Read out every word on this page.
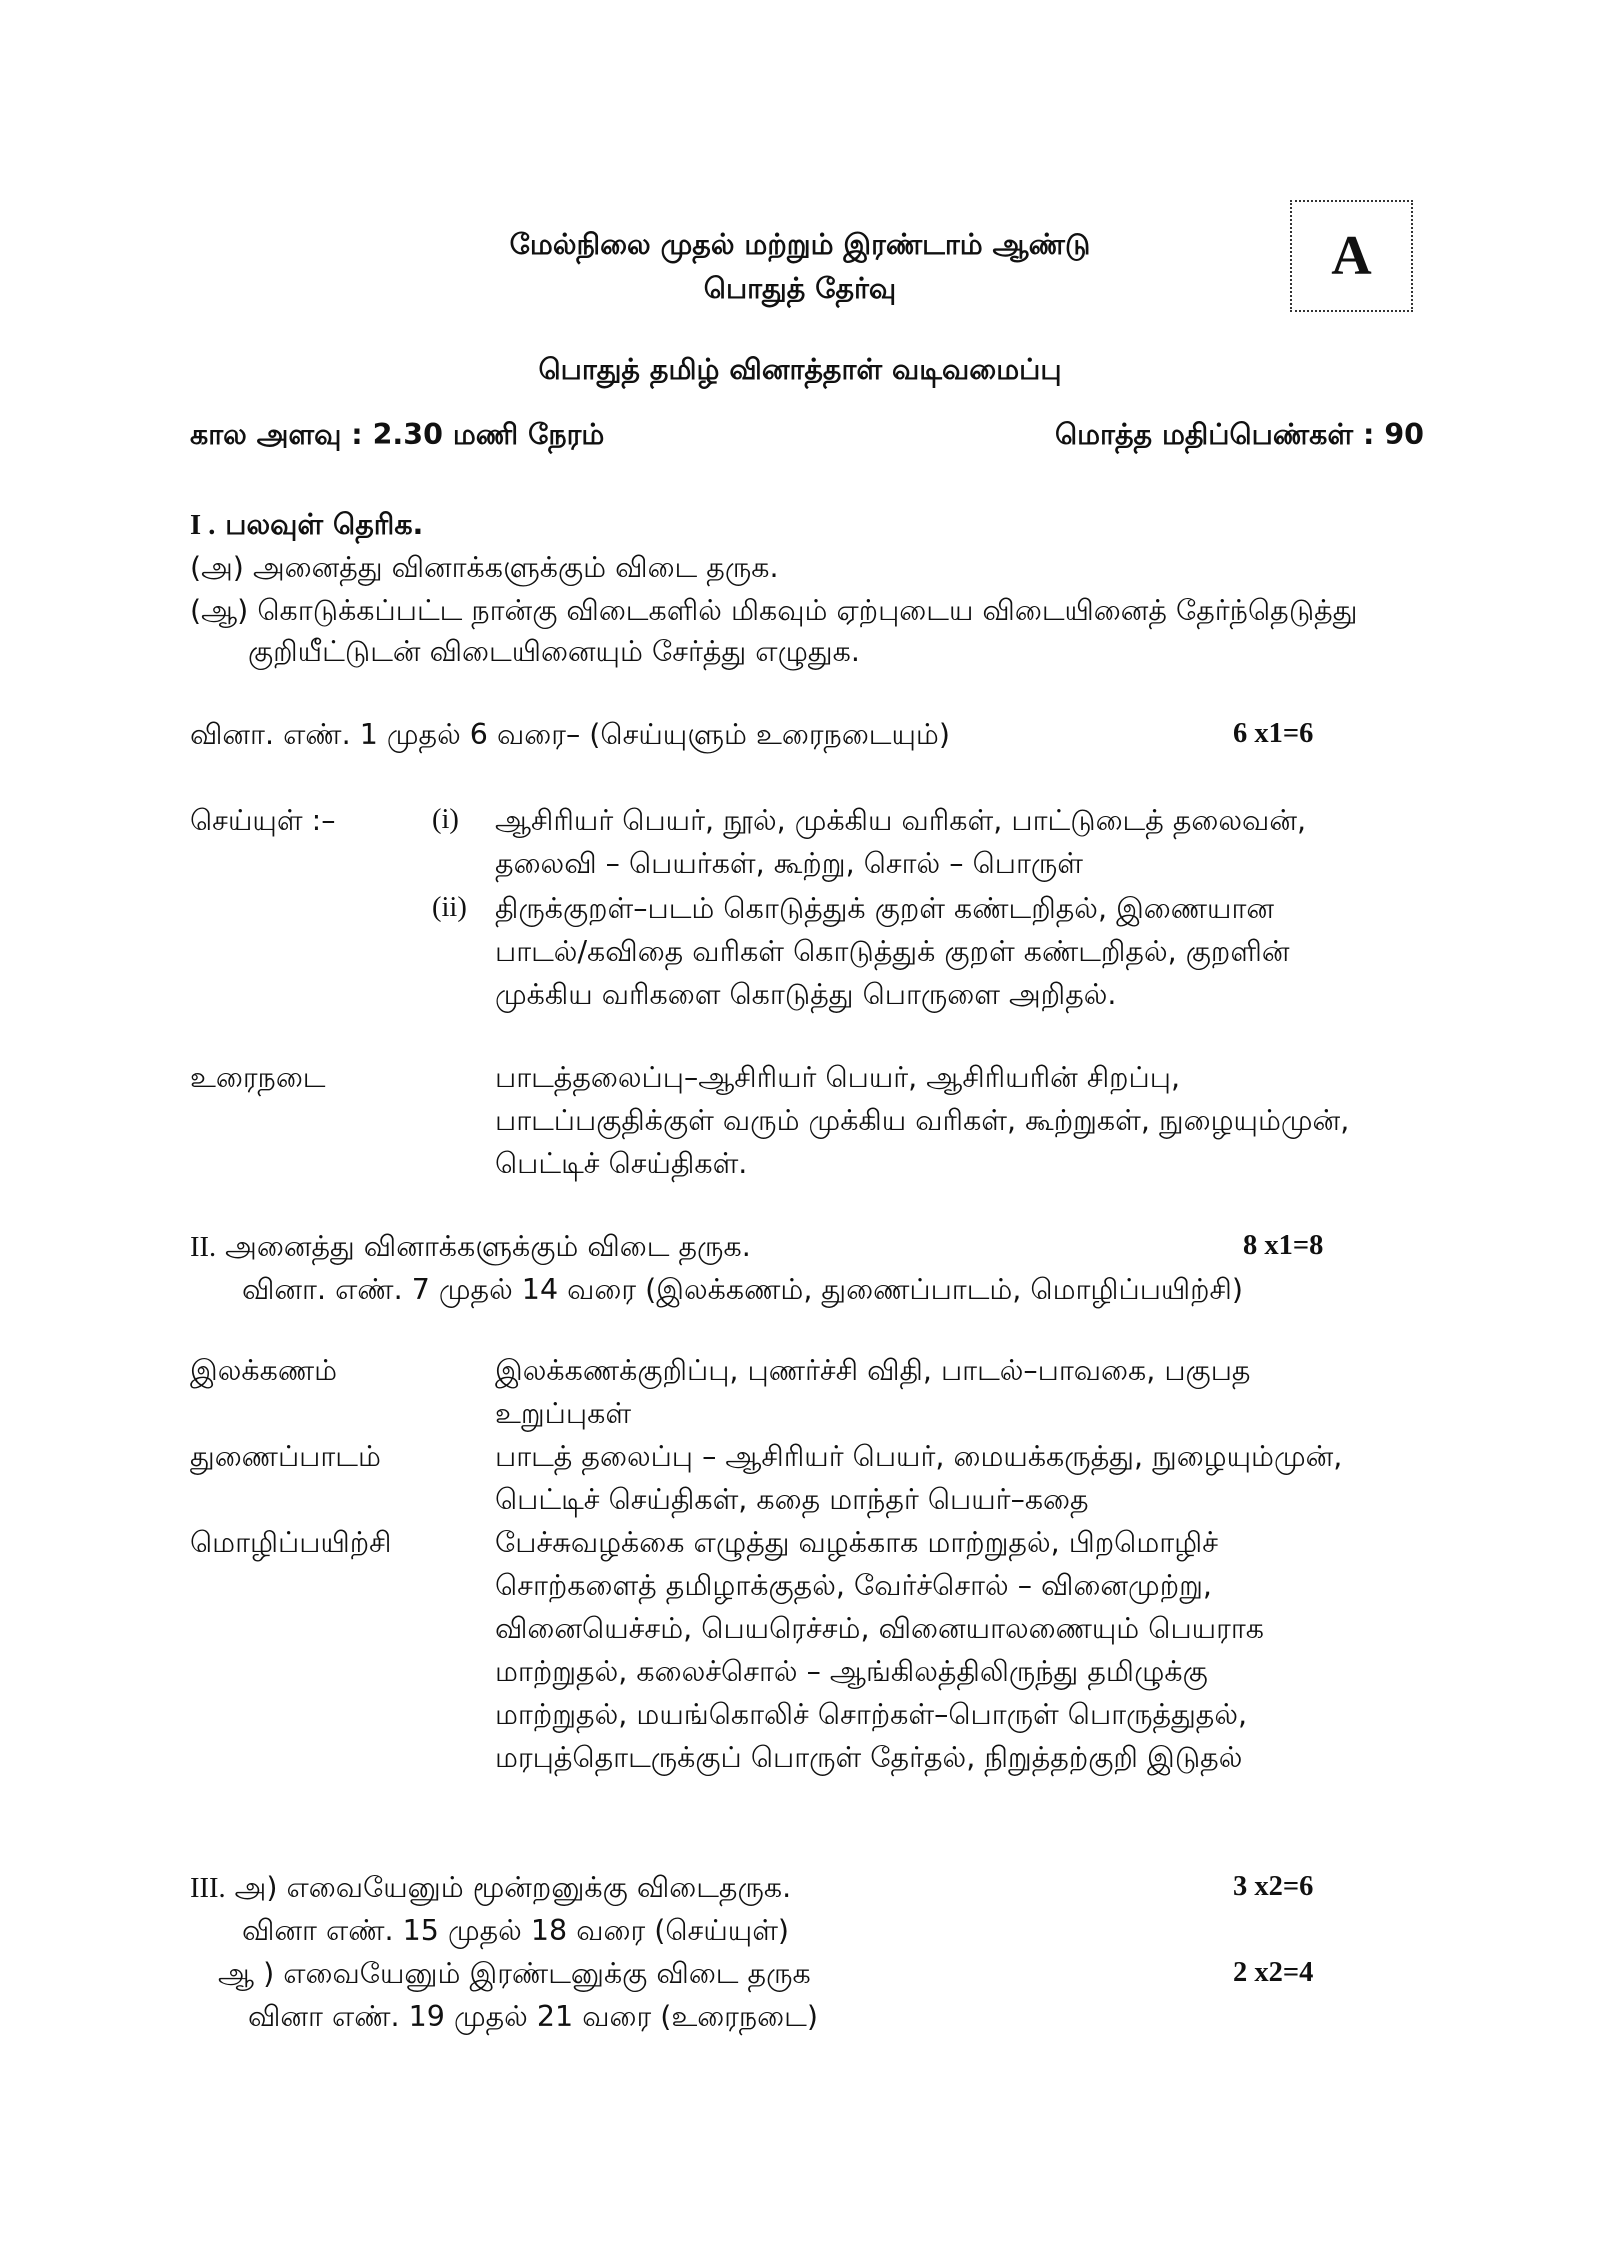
மேல்நிலை முதல் மற்றும் இரண்டாம் ஆண்டு
பொதுத் தேர்வு
A
பொதுத் தமிழ் வினாத்தாள் வடிவமைப்பு
கால அளவு : 2.30 மணி நேரம்	மொத்த மதிப்பெண்கள் : 90
I . பலவுள் தெரிக.
(அ) அனைத்து வினாக்களுக்கும் விடை தருக.
(ஆ) கொடுக்கப்பட்ட நான்கு விடைகளில் மிகவும் ஏற்புடைய விடையினைத் தேர்ந்தெடுத்து
குறியீட்டுடன் விடையினையும் சேர்த்து எழுதுக.
வினா. எண். 1 முதல் 6 வரை– (செய்யுளும் உரைநடையும்)	6 x1=6
செய்யுள் :–	(i) ஆசிரியர் பெயர், நூல், முக்கிய வரிகள், பாட்டுடைத் தலைவன்,
தலைவி – பெயர்கள், கூற்று, சொல் – பொருள்
(ii) திருக்குறள்–படம் கொடுத்துக் குறள் கண்டறிதல், இணையான
பாடல்/கவிதை வரிகள் கொடுத்துக் குறள் கண்டறிதல், குறளின்
முக்கிய வரிகளை கொடுத்து பொருளை அறிதல்.
உரைநடை	பாடத்தலைப்பு–ஆசிரியர் பெயர், ஆசிரியரின் சிறப்பு,
பாடப்பகுதிக்குள் வரும் முக்கிய வரிகள், கூற்றுகள், நுழையும்முன்,
பெட்டிச் செய்திகள்.
II. அனைத்து வினாக்களுக்கும் விடை தருக.	8 x1=8
வினா. எண். 7 முதல் 14 வரை (இலக்கணம், துணைப்பாடம், மொழிப்பயிற்சி)
இலக்கணம்	இலக்கணக்குறிப்பு, புணர்ச்சி விதி, பாடல்–பாவகை, பகுபத
உறுப்புகள்
துணைப்பாடம்	பாடத் தலைப்பு – ஆசிரியர் பெயர், மையக்கருத்து, நுழையும்முன்,
பெட்டிச் செய்திகள், கதை மாந்தர் பெயர்–கதை
மொழிப்பயிற்சி	பேச்சுவழக்கை எழுத்து வழக்காக மாற்றுதல், பிறமொழிச்
சொற்களைத் தமிழாக்குதல், வேர்ச்சொல் – வினைமுற்று,
வினையெச்சம், பெயரெச்சம், வினையாலணையும் பெயராக
மாற்றுதல், கலைச்சொல் – ஆங்கிலத்திலிருந்து தமிழுக்கு
மாற்றுதல், மயங்கொலிச் சொற்கள்–பொருள் பொருத்துதல்,
மரபுத்தொடருக்குப் பொருள் தேர்தல், நிறுத்தற்குறி இடுதல்
III. அ) எவையேனும் மூன்றனுக்கு விடைதருக.	3 x2=6
வினா எண். 15 முதல் 18 வரை (செய்யுள்)
ஆ ) எவையேனும் இரண்டனுக்கு விடை தருக	2 x2=4
வினா எண். 19 முதல் 21 வரை (உரைநடை)
